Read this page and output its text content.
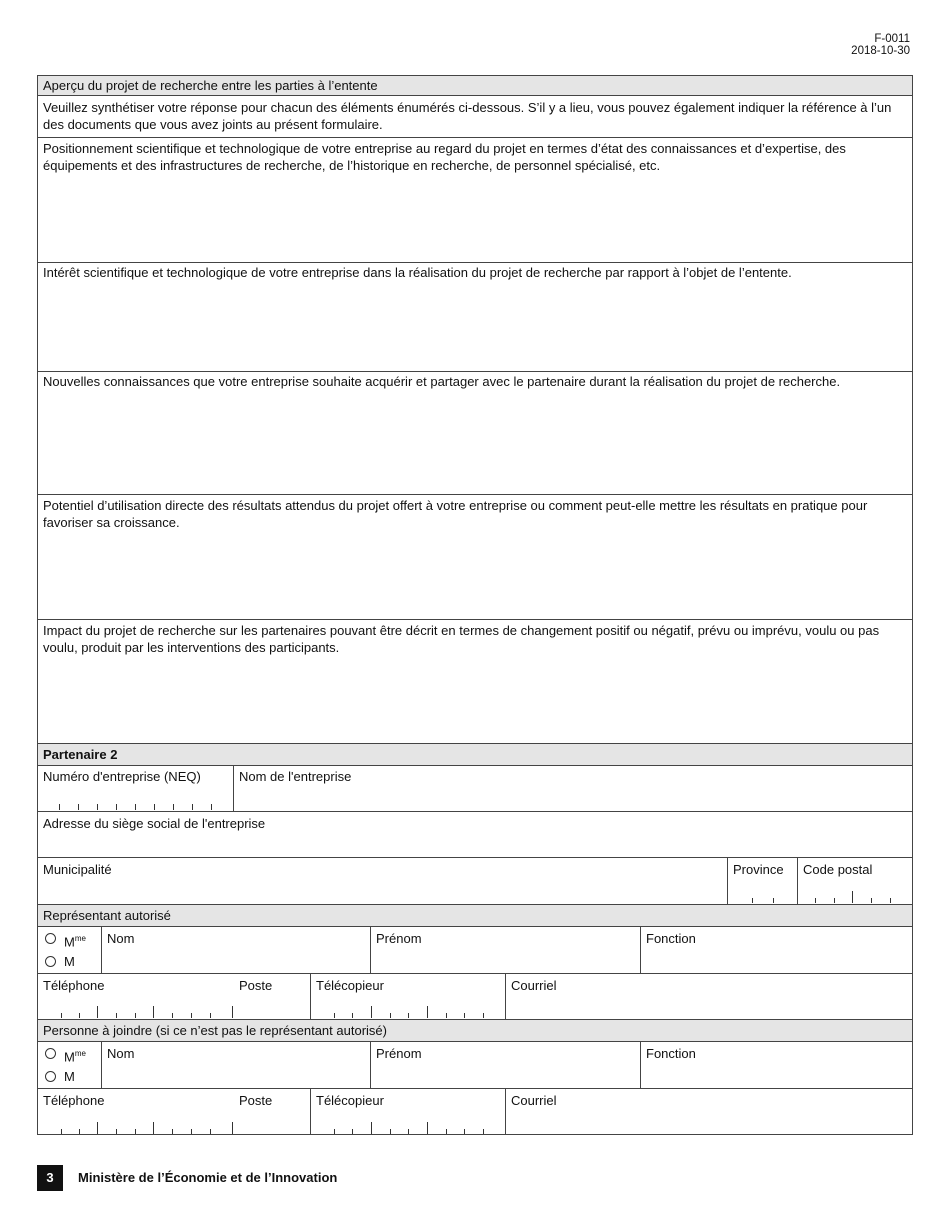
F-0011
2018-10-30
Aperçu du projet de recherche entre les parties à l’entente
Veuillez synthétiser votre réponse pour chacun des éléments énumérés ci-dessous. S’il y a lieu, vous pouvez également indiquer la référence à l’un des documents que vous avez joints au présent formulaire.
Positionnement scientifique et technologique de votre entreprise au regard du projet en termes d’état des connaissances et d’expertise, des équipements et des infrastructures de recherche, de l’historique en recherche, de personnel spécialisé, etc.
Intérêt scientifique et technologique de votre entreprise dans la réalisation du projet de recherche par rapport à l’objet de l’entente.
Nouvelles connaissances que votre entreprise souhaite acquérir et partager avec le partenaire durant la réalisation du projet de recherche.
Potentiel d’utilisation directe des résultats attendus du projet offert à votre entreprise ou comment peut-elle mettre les résultats en pratique pour favoriser sa croissance.
Impact du projet de recherche sur les partenaires pouvant être décrit en termes de changement positif ou négatif, prévu ou imprévu, voulu ou pas voulu, produit par les interventions des participants.
Partenaire 2
Numéro d'entreprise (NEQ)	Nom de l'entreprise
Adresse du siège social de l'entreprise
Municipalité	Province Code postal
Représentant autorisé
$M^{me}$
M
Nom	Prénom	Fonction
Téléphone	Poste	Télécopieur	Courriel
Personne à joindre (si ce n’est pas le représentant autorisé)
$M^{me}$
M
Nom	Prénom	Fonction
Téléphone	Poste	Télécopieur	Courriel
3	Ministère de l’Économie et de l’Innovation
